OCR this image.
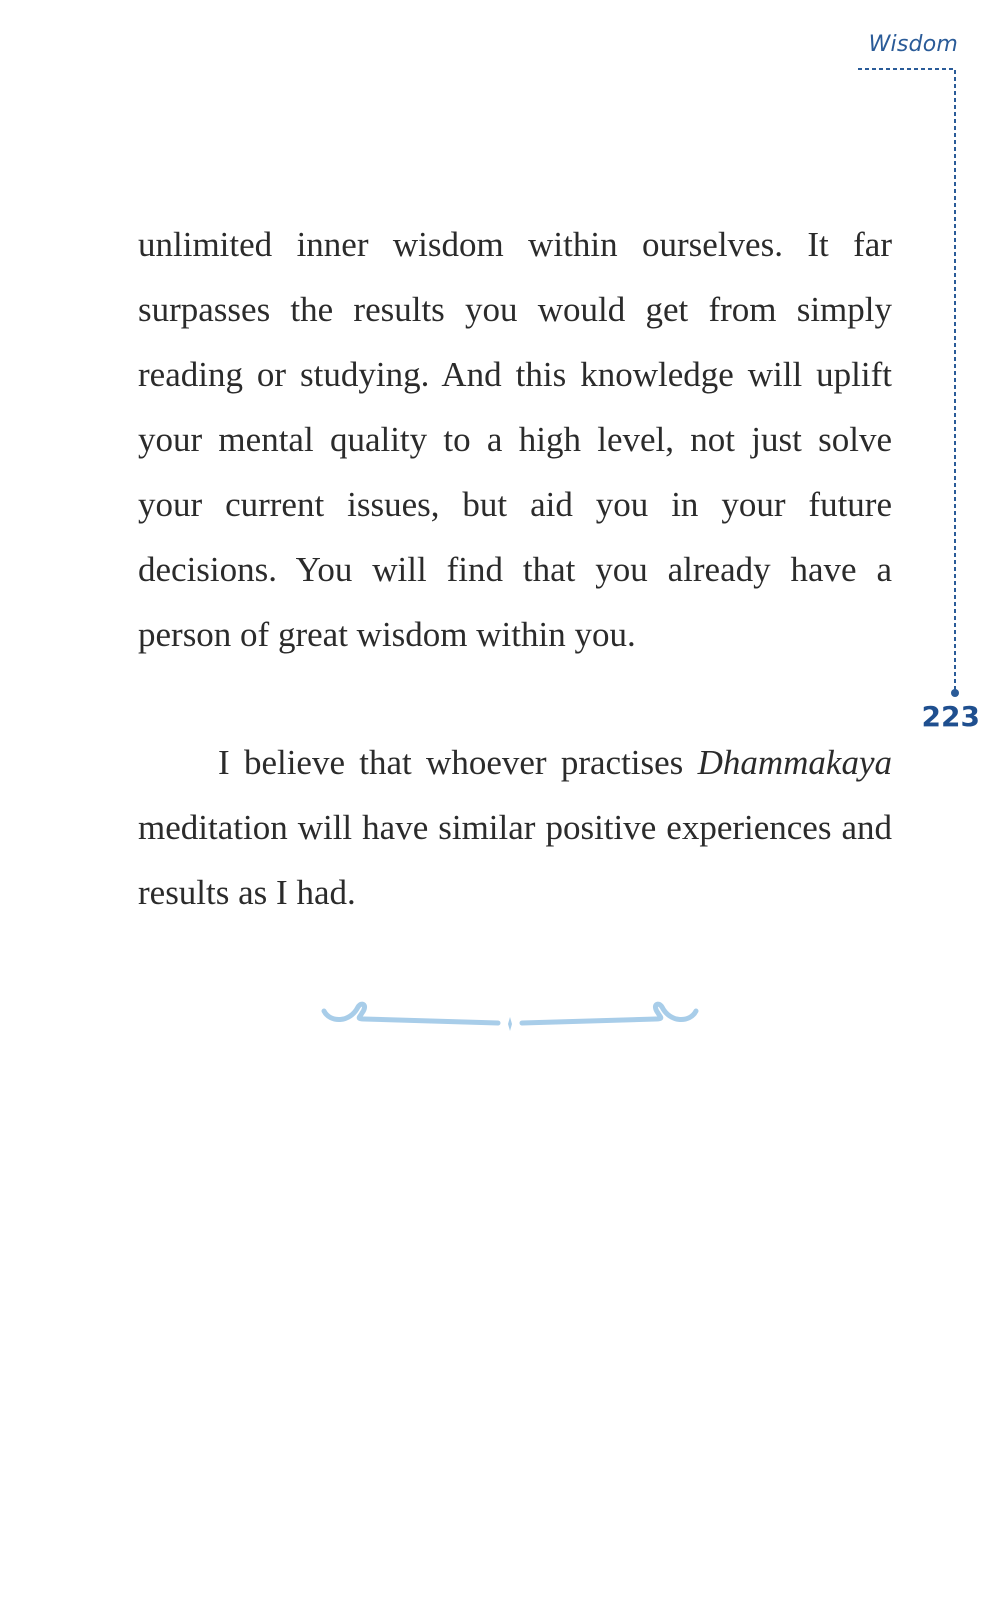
Wisdom
223
unlimited inner wisdom within ourselves. It far surpasses the results you would get from simply reading or studying. And this knowledge will uplift your mental quality to a high level, not just solve your current issues, but aid you in your future decisions. You will find that you already have a person of great wisdom within you.
I believe that whoever practises Dhammakaya meditation will have similar positive experiences and results as I had.
